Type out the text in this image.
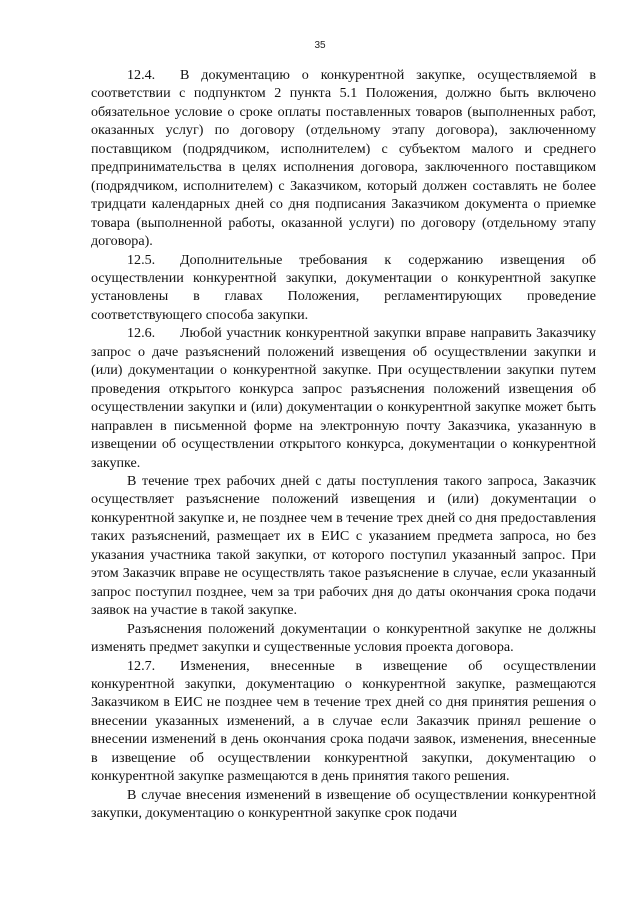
35

12.4. В документацию о конкурентной закупке, осуществляемой в соответствии с подпунктом 2 пункта 5.1 Положения, должно быть включено обязательное условие о сроке оплаты поставленных товаров (выполненных работ, оказанных услуг) по договору (отдельному этапу договора), заключенному поставщиком (подрядчиком, исполнителем) с субъектом малого и среднего предпринимательства в целях исполнения договора, заключенного поставщиком (подрядчиком, исполнителем) с Заказчиком, который должен составлять не более тридцати календарных дней со дня подписания Заказчиком документа о приемке товара (выполненной работы, оказанной услуги) по договору (отдельному этапу договора).

12.5. Дополнительные требования к содержанию извещения об осуществлении конкурентной закупки, документации о конкурентной закупке установлены в главах Положения, регламентирующих проведение соответствующего способа закупки.

12.6. Любой участник конкурентной закупки вправе направить Заказчику запрос о даче разъяснений положений извещения об осуществлении закупки и (или) документации о конкурентной закупке. При осуществлении закупки путем проведения открытого конкурса запрос разъяснения положений извещения об осуществлении закупки и (или) документации о конкурентной закупке может быть направлен в письменной форме на электронную почту Заказчика, указанную в извещении об осуществлении открытого конкурса, документации о конкурентной закупке.

В течение трех рабочих дней с даты поступления такого запроса, Заказчик осуществляет разъяснение положений извещения и (или) документации о конкурентной закупке и, не позднее чем в течение трех дней со дня предоставления таких разъяснений, размещает их в ЕИС с указанием предмета запроса, но без указания участника такой закупки, от которого поступил указанный запрос. При этом Заказчик вправе не осуществлять такое разъяснение в случае, если указанный запрос поступил позднее, чем за три рабочих дня до даты окончания срока подачи заявок на участие в такой закупке.

Разъяснения положений документации о конкурентной закупке не должны изменять предмет закупки и существенные условия проекта договора.

12.7. Изменения, внесенные в извещение об осуществлении конкурентной закупки, документацию о конкурентной закупке, размещаются Заказчиком в ЕИС не позднее чем в течение трех дней со дня принятия решения о внесении указанных изменений, а в случае если Заказчик принял решение о внесении изменений в день окончания срока подачи заявок, изменения, внесенные в извещение об осуществлении конкурентной закупки, документацию о конкурентной закупке размещаются в день принятия такого решения.

В случае внесения изменений в извещение об осуществлении конкурентной закупки, документацию о конкурентной закупке срок подачи
